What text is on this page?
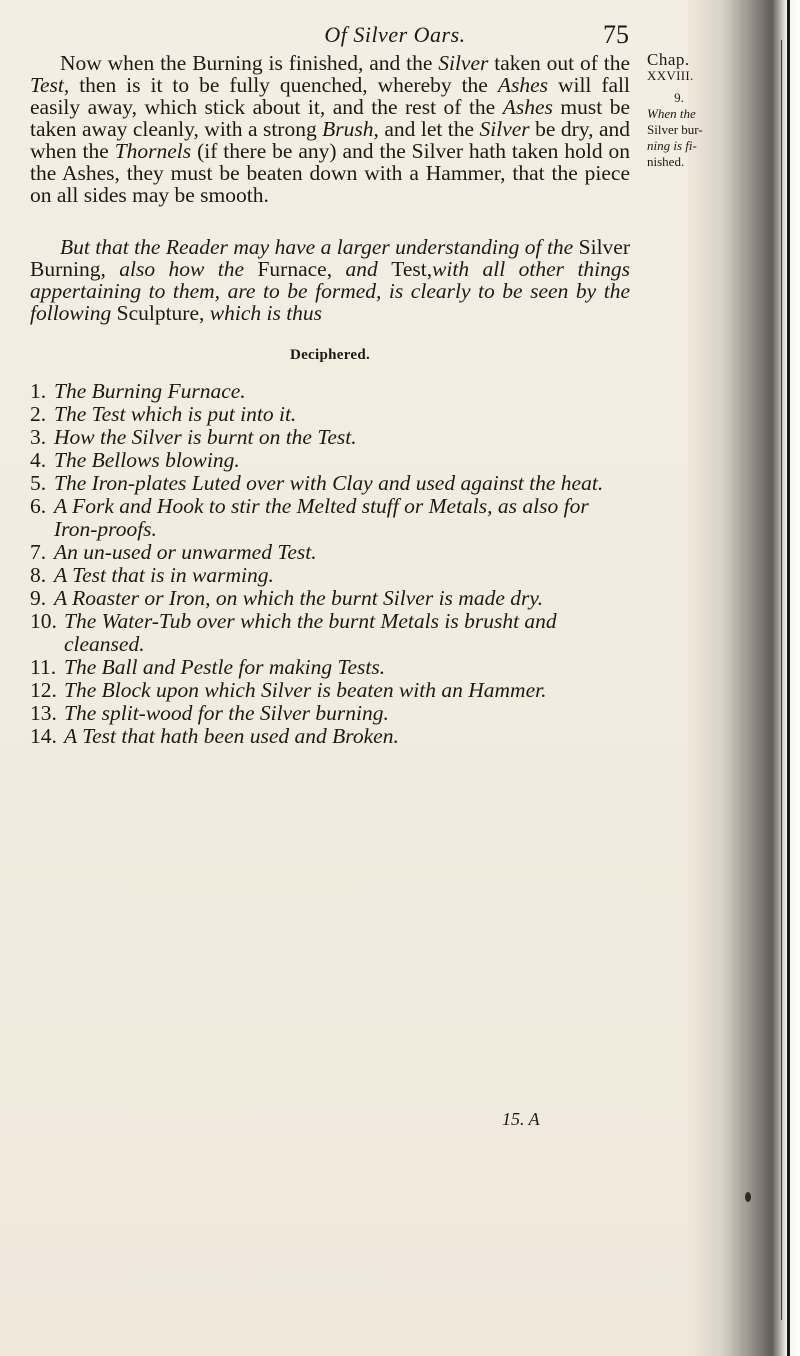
Of Silver Oars.	75
Chap.
XXVIII.
9.
When the
Silver bur-
ning is fi-
nished.

Now when the Burning is finished, and the Silver taken out of the Test, then is it to be fully quenched, whereby the Ashes will fall easily away, which stick about it, and the rest of the Ashes must be taken away cleanly, with a strong Brush, and let the Silver be dry, and when the Thornels (if there be any) and the Silver hath taken hold on the Ashes, they must be beaten down with a Hammer, that the piece on all sides may be smooth.

But that the Reader may have a larger understanding of the Silver Burning, also how the Furnace, and Test,with all other things appertaining to them, are to be formed, is clearly to be seen by the following Sculpture, which is thus

Deciphered.
1. The Burning Furnace.
2. The Test which is put into it.
3. How the Silver is burnt on the Test.
4. The Bellows blowing.
5. The Iron-plates Luted over with Clay and used against the heat.
6. A Fork and Hook to stir the Melted stuff or Metals, as also for Iron-proofs.
7. An un-used or unwarmed Test.
8. A Test that is in warming.
9. A Roaster or Iron, on which the burnt Silver is made dry.
10. The Water-Tub over which the burnt Metals is brusht and cleansed.
11. The Ball and Pestle for making Tests.
12. The Block upon which Silver is beaten with an Hammer.
13. The split-wood for the Silver burning.
14. A Test that hath been used and Broken.
15. A
